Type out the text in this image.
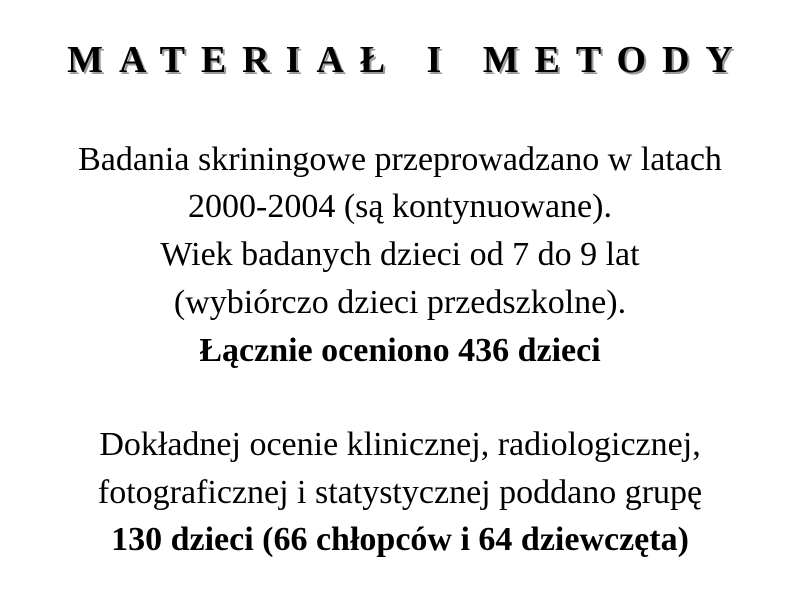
MATERIAŁ I METODY
Badania skriningowe przeprowadzano w latach
2000-2004 (są kontynuowane).
Wiek badanych dzieci od 7 do 9 lat
(wybiórczo dzieci przedszkolne).
Łącznie oceniono 436 dzieci
Dokładnej ocenie klinicznej, radiologicznej,
fotograficznej i statystycznej poddano grupę
130 dzieci (66 chłopców i 64 dziewczęta)
